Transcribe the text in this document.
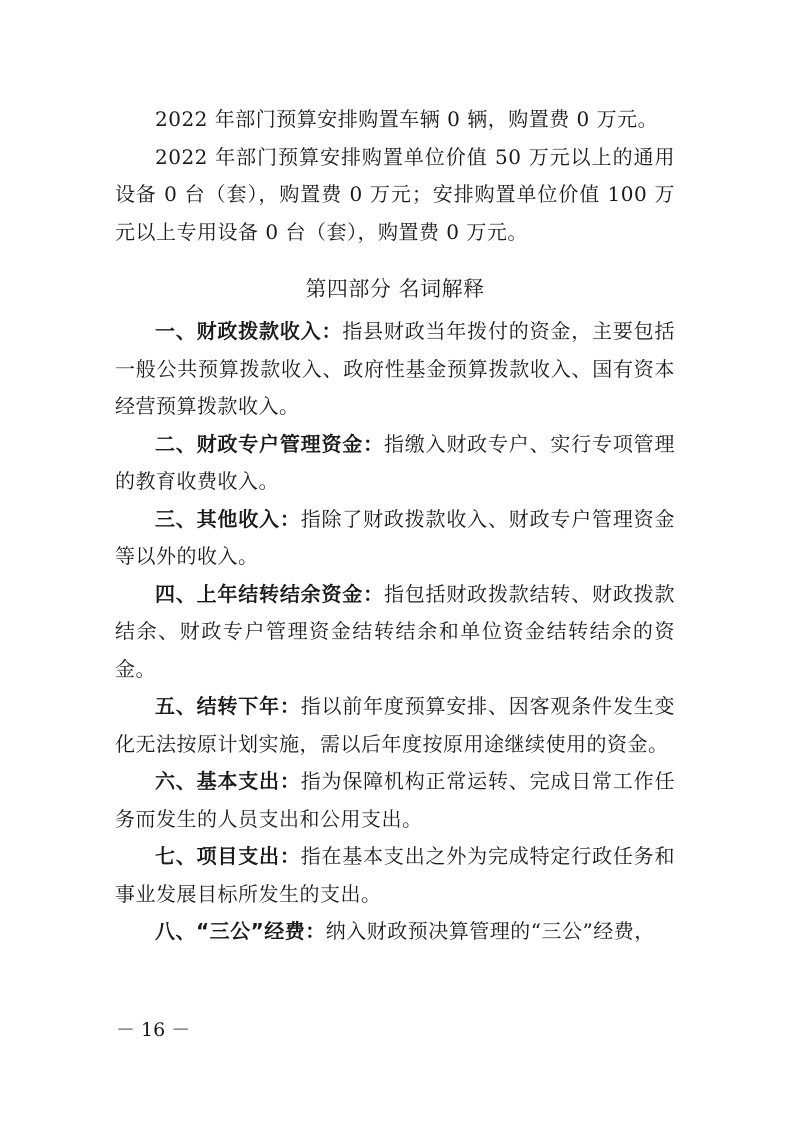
2022 年部门预算安排购置车辆 0 辆，购置费 0 万元。

2022 年部门预算安排购置单位价值 50 万元以上的通用设备 0 台（套），购置费 0 万元；安排购置单位价值 100 万元以上专用设备 0 台（套），购置费 0 万元。

第四部分 名词解释

一、财政拨款收入：指县财政当年拨付的资金，主要包括一般公共预算拨款收入、政府性基金预算拨款收入、国有资本经营预算拨款收入。

二、财政专户管理资金：指缴入财政专户、实行专项管理的教育收费收入。

三、其他收入：指除了财政拨款收入、财政专户管理资金等以外的收入。

四、上年结转结余资金：指包括财政拨款结转、财政拨款结余、财政专户管理资金结转结余和单位资金结转结余的资金。

五、结转下年：指以前年度预算安排、因客观条件发生变化无法按原计划实施，需以后年度按原用途继续使用的资金。

六、基本支出：指为保障机构正常运转、完成日常工作任务而发生的人员支出和公用支出。

七、项目支出：指在基本支出之外为完成特定行政任务和事业发展目标所发生的支出。

八、“三公”经费：纳入财政预决算管理的“三公”经费，

－ 16 －
